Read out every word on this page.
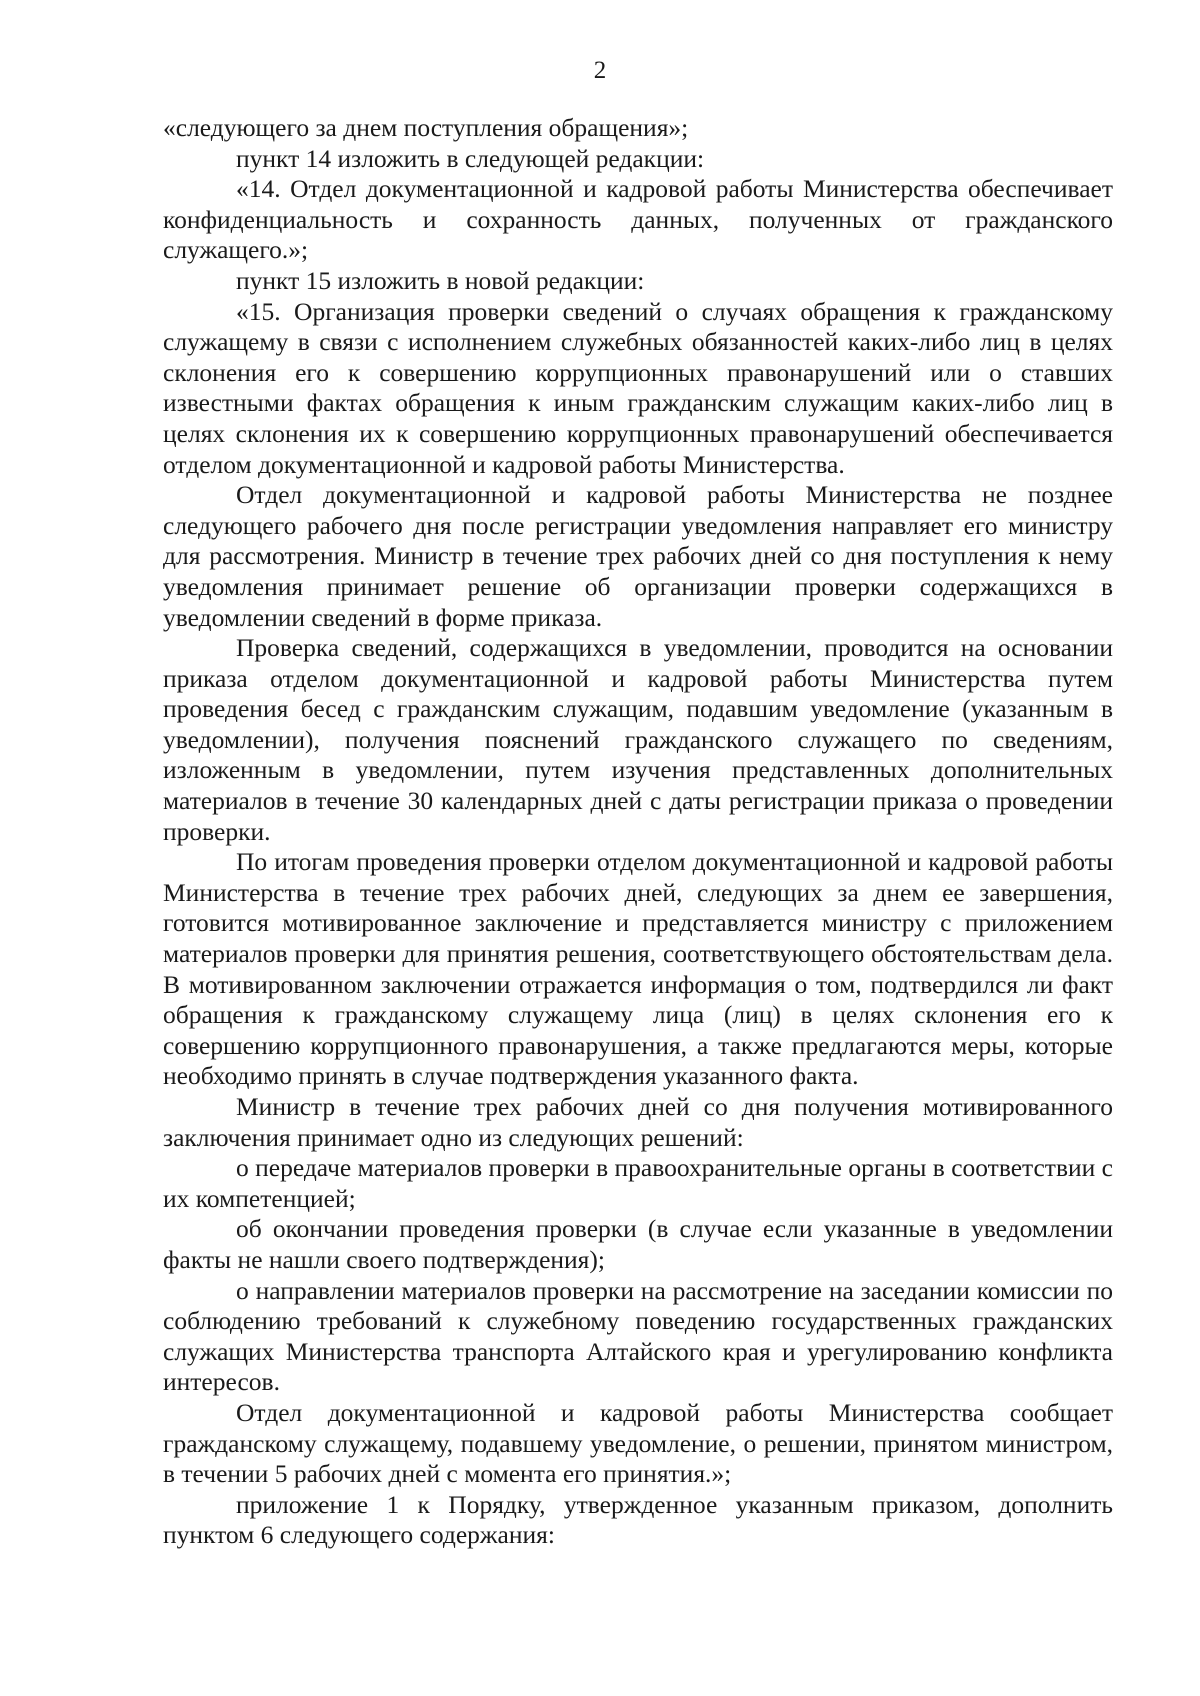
2

«следующего за днем поступления обращения»;

пункт 14 изложить в следующей редакции:

«14. Отдел документационной и кадровой работы Министерства обеспечивает конфиденциальность и сохранность данных, полученных от гражданского служащего.»;

пункт 15 изложить в новой редакции:

«15. Организация проверки сведений о случаях обращения к гражданскому служащему в связи с исполнением служебных обязанностей каких-либо лиц в целях склонения его к совершению коррупционных правонарушений или о ставших известными фактах обращения к иным гражданским служащим каких-либо лиц в целях склонения их к совершению коррупционных правонарушений обеспечивается отделом документационной и кадровой работы Министерства.

Отдел документационной и кадровой работы Министерства не позднее следующего рабочего дня после регистрации уведомления направляет его министру для рассмотрения. Министр в течение трех рабочих дней со дня поступления к нему уведомления принимает решение об организации проверки содержащихся в уведомлении сведений в форме приказа.

Проверка сведений, содержащихся в уведомлении, проводится на основании приказа отделом документационной и кадровой работы Министерства путем проведения бесед с гражданским служащим, подавшим уведомление (указанным в уведомлении), получения пояснений гражданского служащего по сведениям, изложенным в уведомлении, путем изучения представленных дополнительных материалов в течение 30 календарных дней с даты регистрации приказа о проведении проверки.

По итогам проведения проверки отделом документационной и кадровой работы Министерства в течение трех рабочих дней, следующих за днем ее завершения, готовится мотивированное заключение и представляется министру с приложением материалов проверки для принятия решения, соответствующего обстоятельствам дела. В мотивированном заключении отражается информация о том, подтвердился ли факт обращения к гражданскому служащему лица (лиц) в целях склонения его к совершению коррупционного правонарушения, а также предлагаются меры, которые необходимо принять в случае подтверждения указанного факта.

Министр в течение трех рабочих дней со дня получения мотивированного заключения принимает одно из следующих решений:

о передаче материалов проверки в правоохранительные органы в соответствии с их компетенцией;

об окончании проведения проверки (в случае если указанные в уведомлении факты не нашли своего подтверждения);

о направлении материалов проверки на рассмотрение на заседании комиссии по соблюдению требований к служебному поведению государственных гражданских служащих Министерства транспорта Алтайского края и урегулированию конфликта интересов.

Отдел документационной и кадровой работы Министерства сообщает гражданскому служащему, подавшему уведомление, о решении, принятом министром, в течении 5 рабочих дней с момента его принятия.»;

приложение 1 к Порядку, утвержденное указанным приказом, дополнить пунктом 6 следующего содержания:
